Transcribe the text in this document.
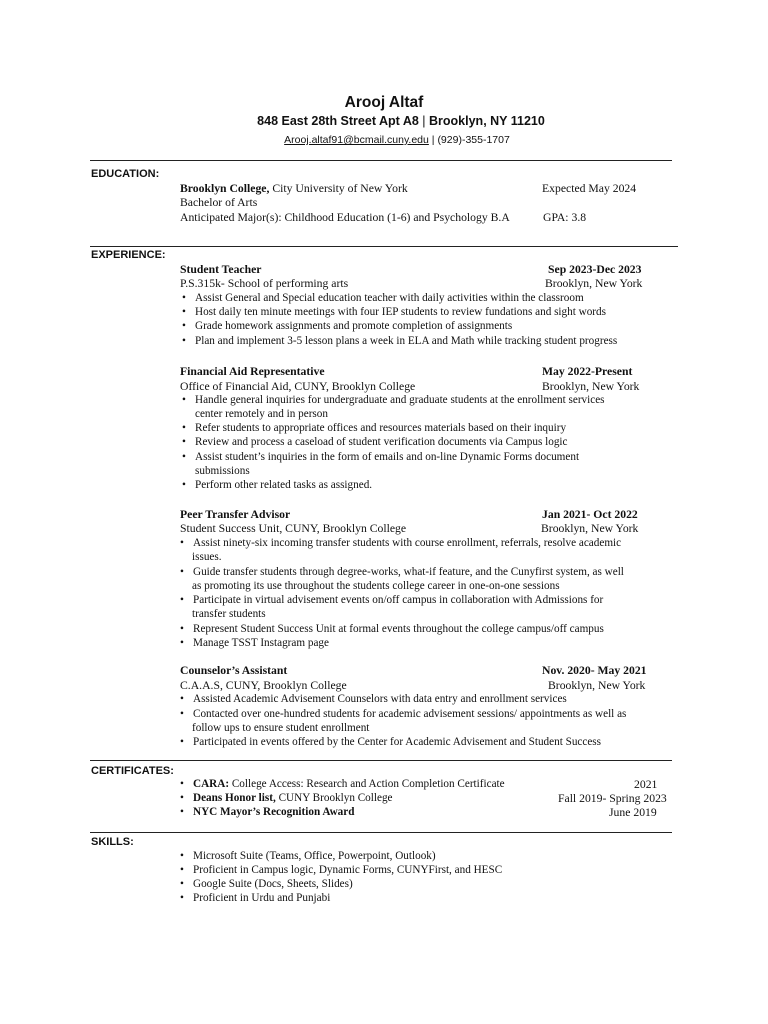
Arooj Altaf
848 East 28th Street Apt A8 | Brooklyn, NY 11210
Arooj.altaf91@bcmail.cuny.edu | (929)-355-1707
EDUCATION:
Brooklyn College, City University of New York	Expected May 2024
Bachelor of Arts
Anticipated Major(s): Childhood Education (1-6) and Psychology B.A	GPA: 3.8
EXPERIENCE:
Student Teacher	Sep 2023-Dec 2023
P.S.315k- School of performing arts	Brooklyn, New York
• Assist General and Special education teacher with daily activities within the classroom
• Host daily ten minute meetings with four IEP students to review fundations and sight words
• Grade homework assignments and promote completion of assignments
• Plan and implement 3-5 lesson plans a week in ELA and Math while tracking student progress
Financial Aid Representative	May 2022-Present
Office of Financial Aid, CUNY, Brooklyn College	Brooklyn, New York
• Handle general inquiries for undergraduate and graduate students at the enrollment services
center remotely and in person
• Refer students to appropriate offices and resources materials based on their inquiry
• Review and process a caseload of student verification documents via Campus logic
• Assist student’s inquiries in the form of emails and on-line Dynamic Forms document
submissions
• Perform other related tasks as assigned.
Peer Transfer Advisor	Jan 2021- Oct 2022
Student Success Unit, CUNY, Brooklyn College	Brooklyn, New York
• Assist ninety-six incoming transfer students with course enrollment, referrals, resolve academic
issues.
• Guide transfer students through degree-works, what-if feature, and the Cunyfirst system, as well
as promoting its use throughout the students college career in one-on-one sessions
• Participate in virtual advisement events on/off campus in collaboration with Admissions for
transfer students
• Represent Student Success Unit at formal events throughout the college campus/off campus
• Manage TSST Instagram page
Counselor’s Assistant	Nov. 2020- May 2021
C.A.A.S, CUNY, Brooklyn College	Brooklyn, New York
• Assisted Academic Advisement Counselors with data entry and enrollment services
• Contacted over one-hundred students for academic advisement sessions/ appointments as well as
follow ups to ensure student enrollment
• Participated in events offered by the Center for Academic Advisement and Student Success
CERTIFICATES:
• CARA: College Access: Research and Action Completion Certificate	2021
• Deans Honor list, CUNY Brooklyn College	Fall 2019- Spring 2023
• NYC Mayor’s Recognition Award	June 2019
SKILLS:
• Microsoft Suite (Teams, Office, Powerpoint, Outlook)
• Proficient in Campus logic, Dynamic Forms, CUNYFirst, and HESC
• Google Suite (Docs, Sheets, Slides)
• Proficient in Urdu and Punjabi
